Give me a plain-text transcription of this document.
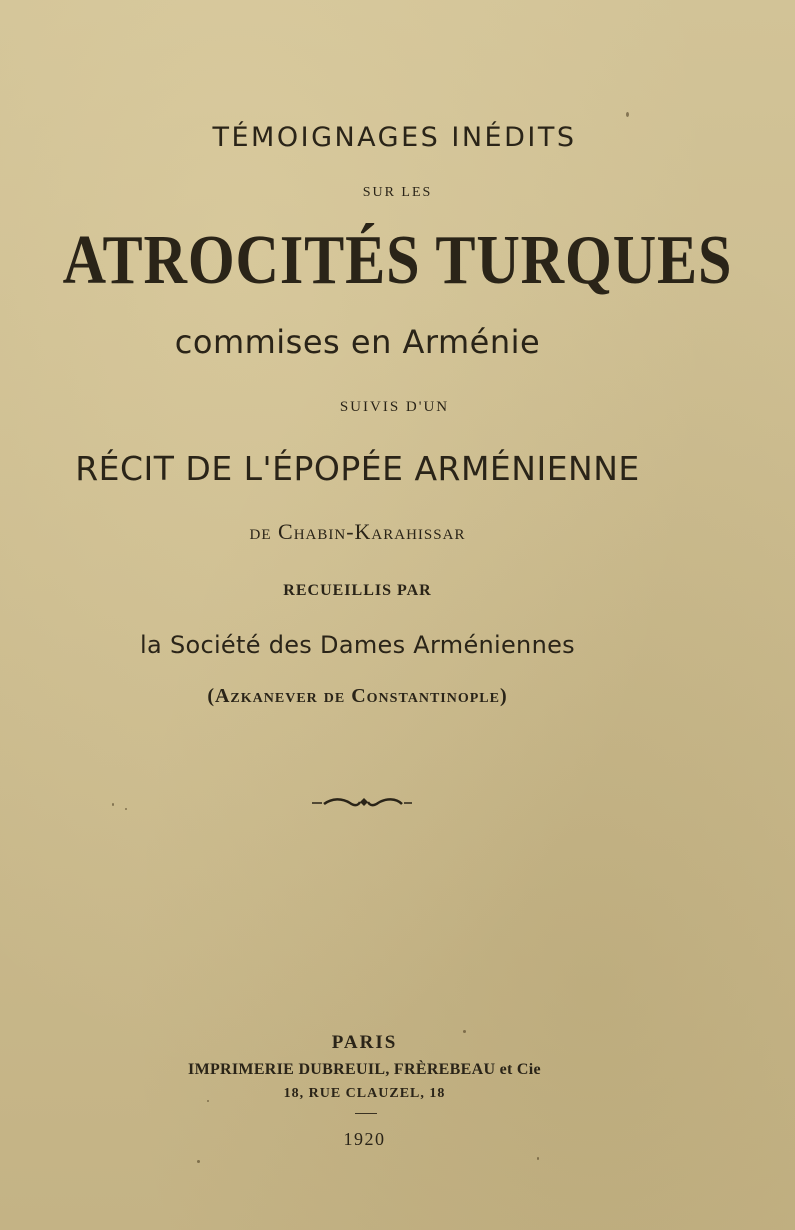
TÉMOIGNAGES INÉDITS
SUR LES
ATROCITÉS TURQUES
commises en Arménie
SUIVIS D'UN
RÉCIT DE L'ÉPOPÉE ARMÉNIENNE
de Chabin-Karahissar
RECUEILLIS PAR
la Société des Dames Arméniennes
(Azkanever de Constantinople)
PARIS
IMPRIMERIE DUBREUIL, FRÈREBEAU et Cie
18, RUE CLAUZEL, 18
1920
